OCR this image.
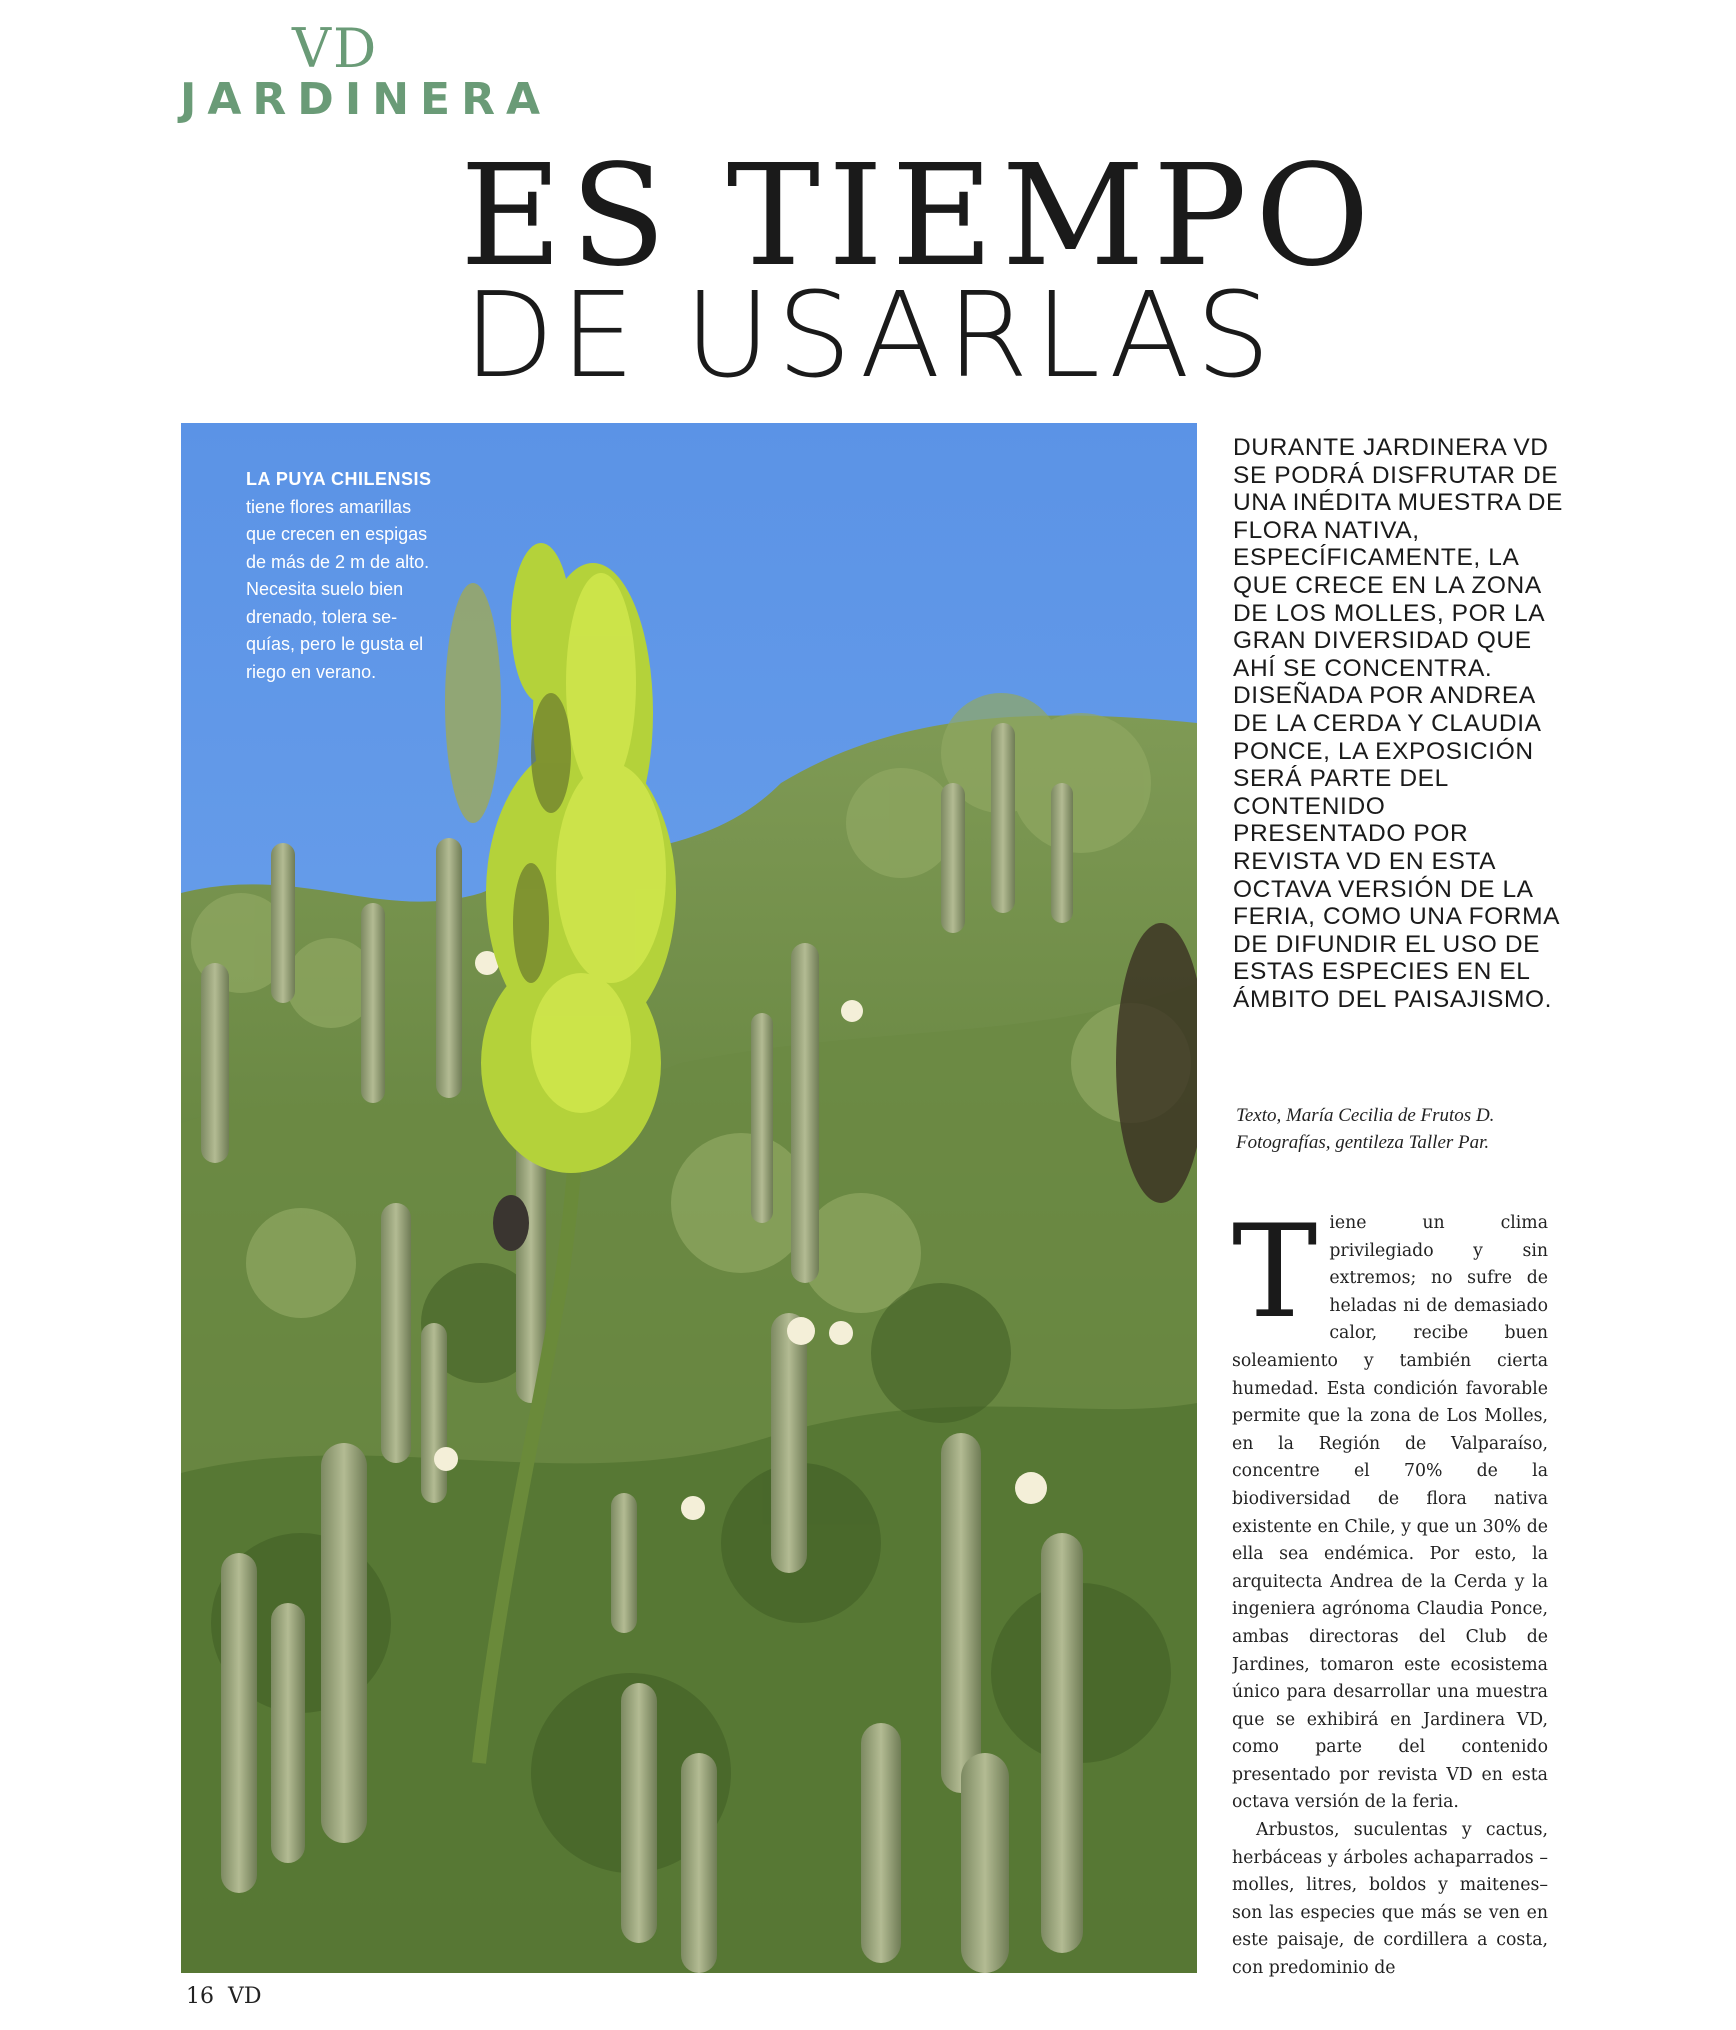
VD
JARDINERA
ES TIEMPO
DE USARLAS
LA PUYA CHILENSIS
tiene flores amarillas
que crecen en espigas
de más de 2 m de alto.
Necesita suelo bien
drenado, tolera se-
quías, pero le gusta el
riego en verano.
DURANTE JARDINERA VD SE PODRÁ DISFRUTAR DE UNA INÉDITA MUESTRA DE FLORA NATIVA, ESPECÍFICAMENTE, LA QUE CRECE EN LA ZONA DE LOS MOLLES, POR LA GRAN DIVERSIDAD QUE AHÍ SE CONCENTRA. DISEÑADA POR ANDREA DE LA CERDA Y CLAUDIA PONCE, LA EXPOSICIÓN SERÁ PARTE DEL CONTENIDO PRESENTADO POR REVISTA VD EN ESTA OCTAVA VERSIÓN DE LA FERIA, COMO UNA FORMA DE DIFUNDIR EL USO DE ESTAS ESPECIES EN EL ÁMBITO DEL PAISAJISMO.
Texto, María Cecilia de Frutos D.
Fotografías, gentileza Taller Par.

Tiene un clima privilegiado y sin extremos; no sufre de heladas ni de demasiado calor, recibe buen soleamiento y también cierta humedad. Esta condición favorable permite que la zona de Los Molles, en la Región de Valparaíso, concentre el 70% de la biodiversidad de flora nativa existente en Chile, y que un 30% de ella sea endémica. Por esto, la arquitecta Andrea de la Cerda y la ingeniera agrónoma Claudia Ponce, ambas directoras del Club de Jardines, tomaron este ecosistema único para desarrollar una muestra que se exhibirá en Jardinera VD, como parte del contenido presentado por revista VD en esta octava versión de la feria.

Arbustos, suculentas y cactus, herbáceas y árboles achaparrados –molles, litres, boldos y maitenes– son las especies que más se ven en este paisaje, de cordillera a costa, con predominio de

16 VD
